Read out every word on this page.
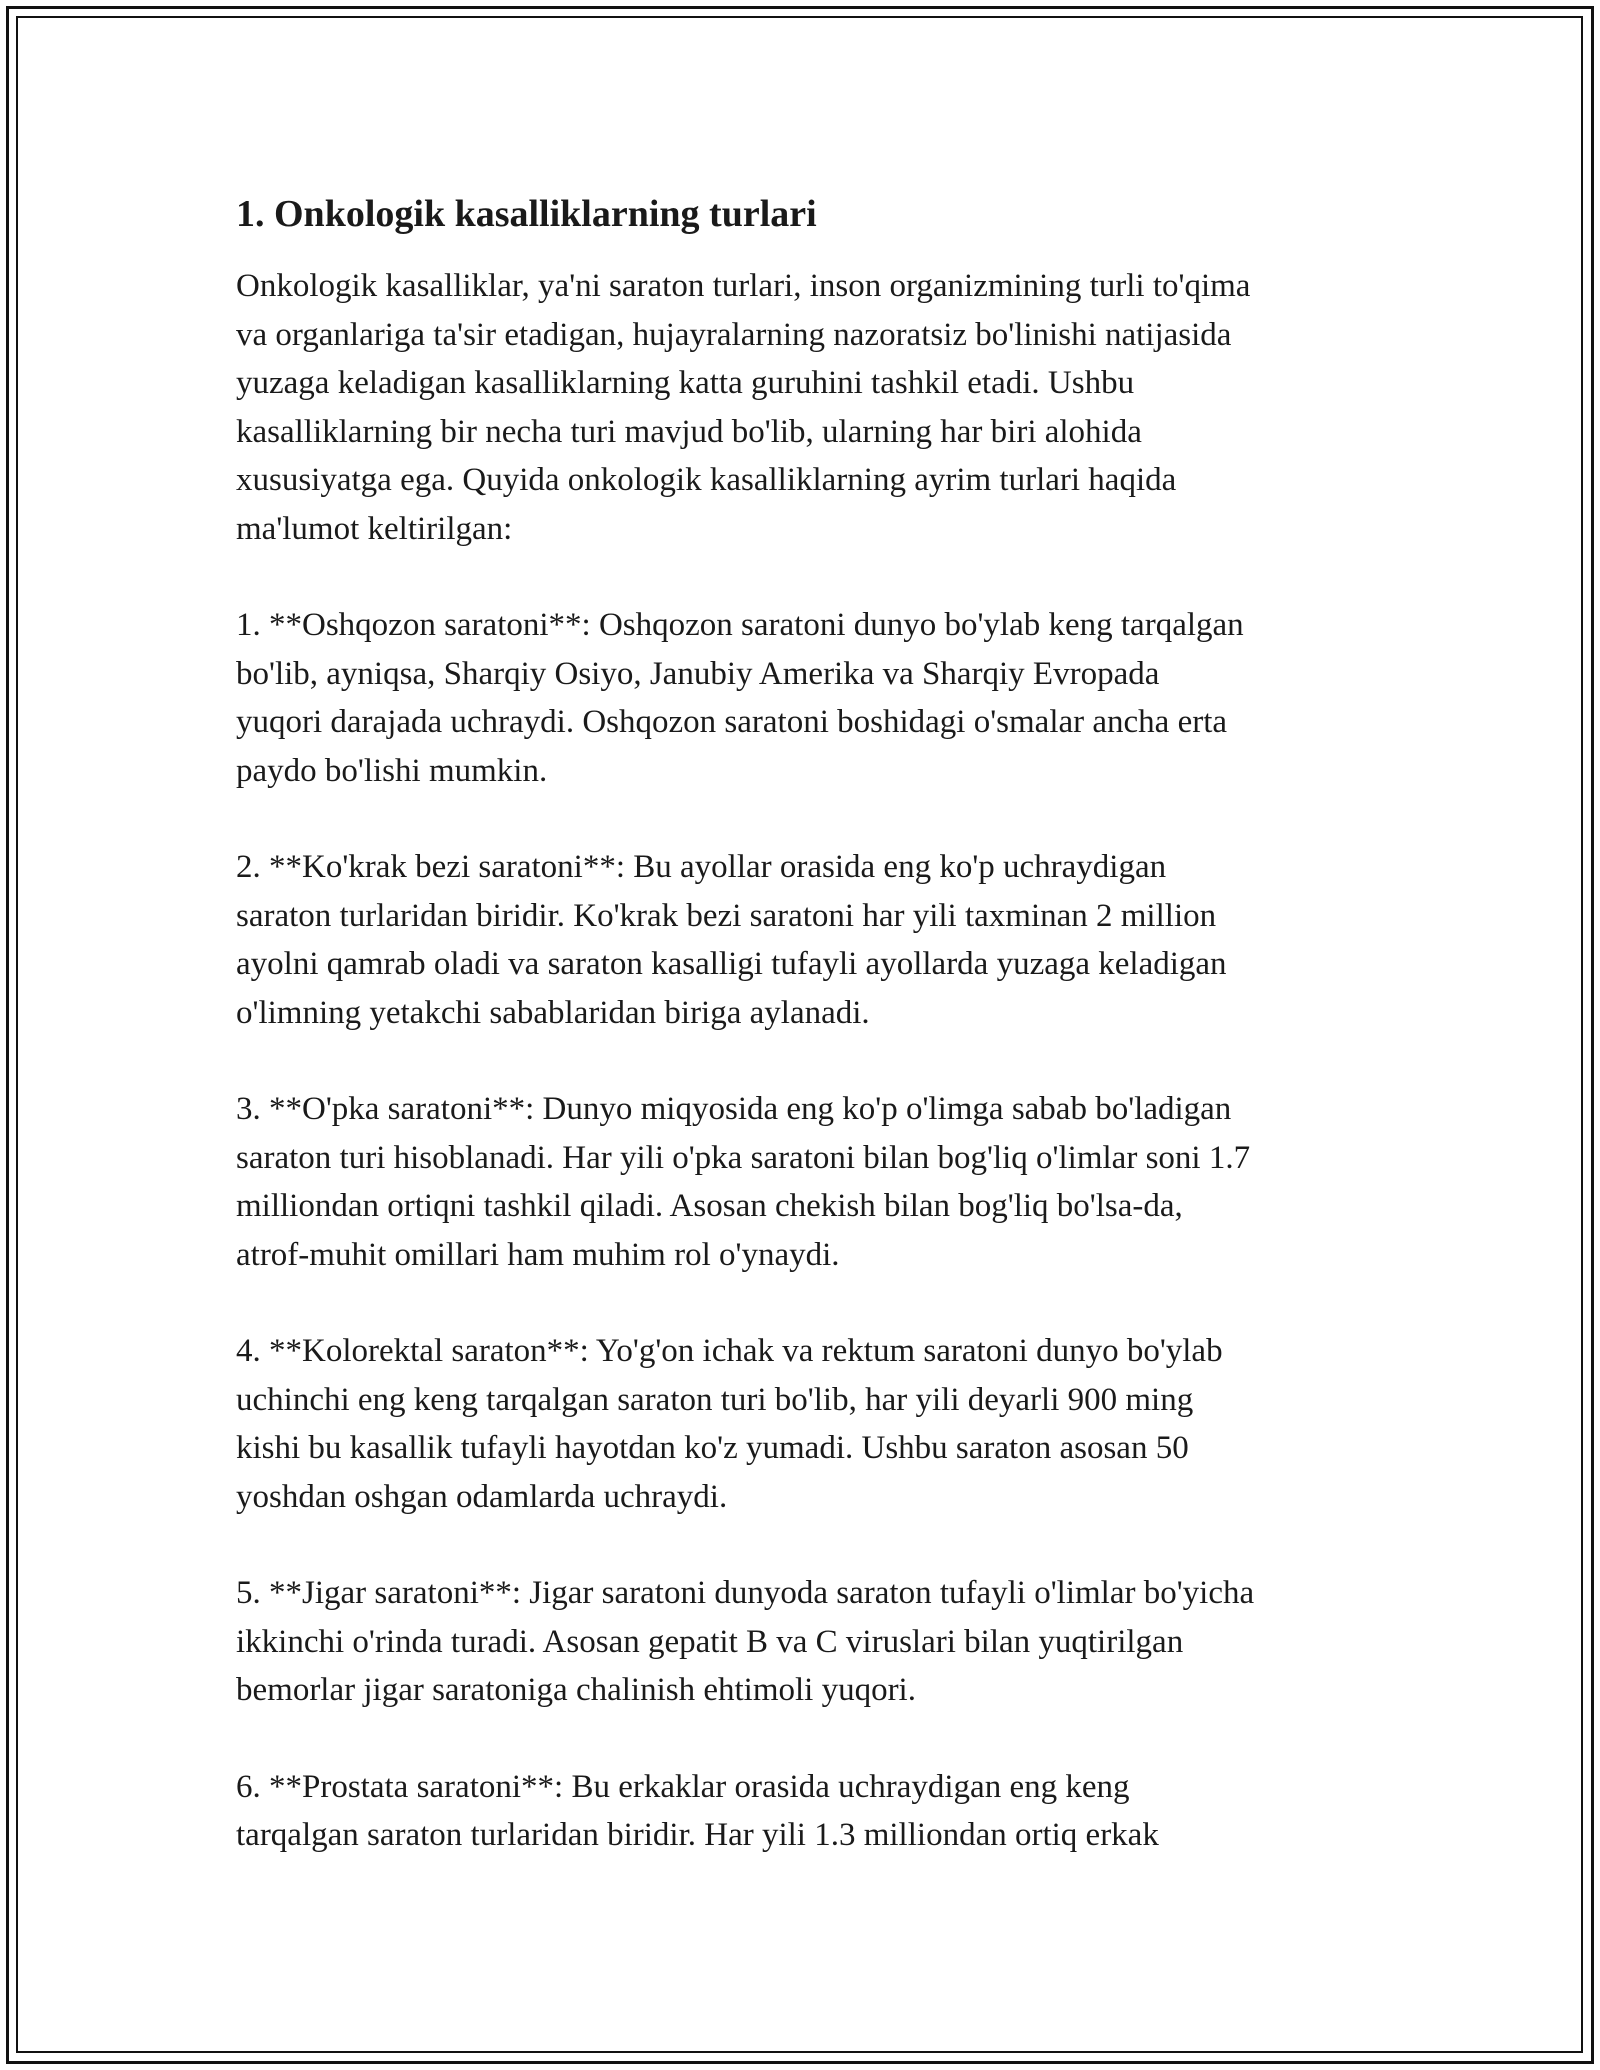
1. Onkologik kasalliklarning turlari

Onkologik kasalliklar, ya'ni saraton turlari, inson organizmining turli to'qima
va organlariga ta'sir etadigan, hujayralarning nazoratsiz bo'linishi natijasida
yuzaga keladigan kasalliklarning katta guruhini tashkil etadi. Ushbu
kasalliklarning bir necha turi mavjud bo'lib, ularning har biri alohida
xususiyatga ega. Quyida onkologik kasalliklarning ayrim turlari haqida
ma'lumot keltirilgan:

1. **Oshqozon saratoni**: Oshqozon saratoni dunyo bo'ylab keng tarqalgan
bo'lib, ayniqsa, Sharqiy Osiyo, Janubiy Amerika va Sharqiy Evropada
yuqori darajada uchraydi. Oshqozon saratoni boshidagi o'smalar ancha erta
paydo bo'lishi mumkin.

2. **Ko'krak bezi saratoni**: Bu ayollar orasida eng ko'p uchraydigan
saraton turlaridan biridir. Ko'krak bezi saratoni har yili taxminan 2 million
ayolni qamrab oladi va saraton kasalligi tufayli ayollarda yuzaga keladigan
o'limning yetakchi sabablaridan biriga aylanadi.

3. **O'pka saratoni**: Dunyo miqyosida eng ko'p o'limga sabab bo'ladigan
saraton turi hisoblanadi. Har yili o'pka saratoni bilan bog'liq o'limlar soni 1.7
milliondan ortiqni tashkil qiladi. Asosan chekish bilan bog'liq bo'lsa-da,
atrof-muhit omillari ham muhim rol o'ynaydi.

4. **Kolorektal saraton**: Yo'g'on ichak va rektum saratoni dunyo bo'ylab
uchinchi eng keng tarqalgan saraton turi bo'lib, har yili deyarli 900 ming
kishi bu kasallik tufayli hayotdan ko'z yumadi. Ushbu saraton asosan 50
yoshdan oshgan odamlarda uchraydi.

5. **Jigar saratoni**: Jigar saratoni dunyoda saraton tufayli o'limlar bo'yicha
ikkinchi o'rinda turadi. Asosan gepatit B va C viruslari bilan yuqtirilgan
bemorlar jigar saratoniga chalinish ehtimoli yuqori.

6. **Prostata saratoni**: Bu erkaklar orasida uchraydigan eng keng
tarqalgan saraton turlaridan biridir. Har yili 1.3 milliondan ortiq erkak
